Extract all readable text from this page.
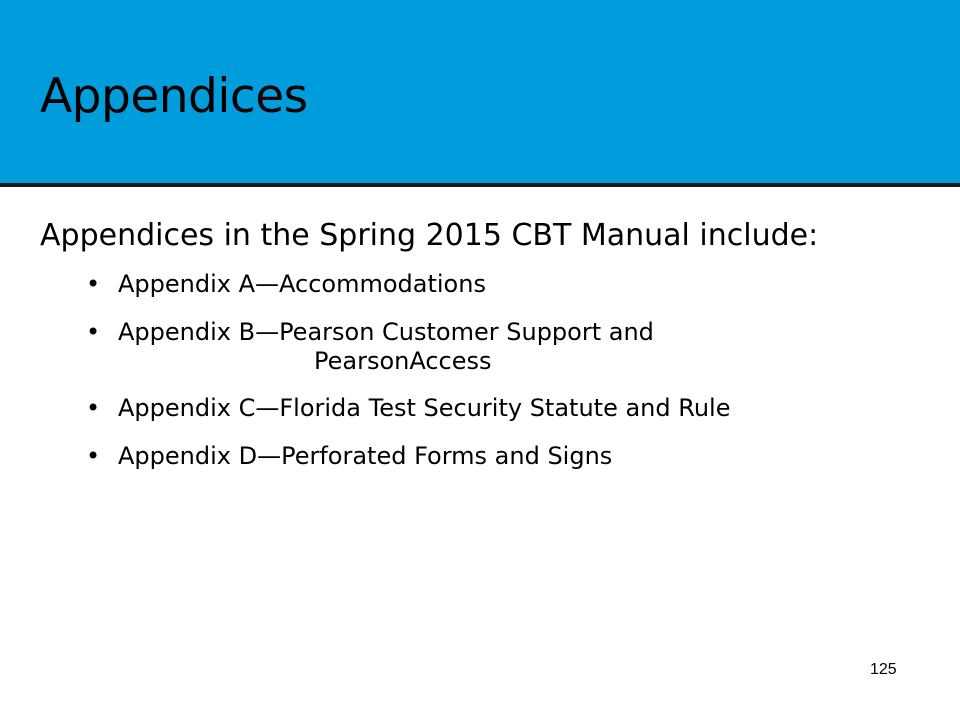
Appendices

Appendices in the Spring 2015 CBT Manual include:

• Appendix A—Accommodations
• Appendix B—Pearson Customer Support and
PearsonAccess
• Appendix C—Florida Test Security Statute and Rule
• Appendix D—Perforated Forms and Signs
125
